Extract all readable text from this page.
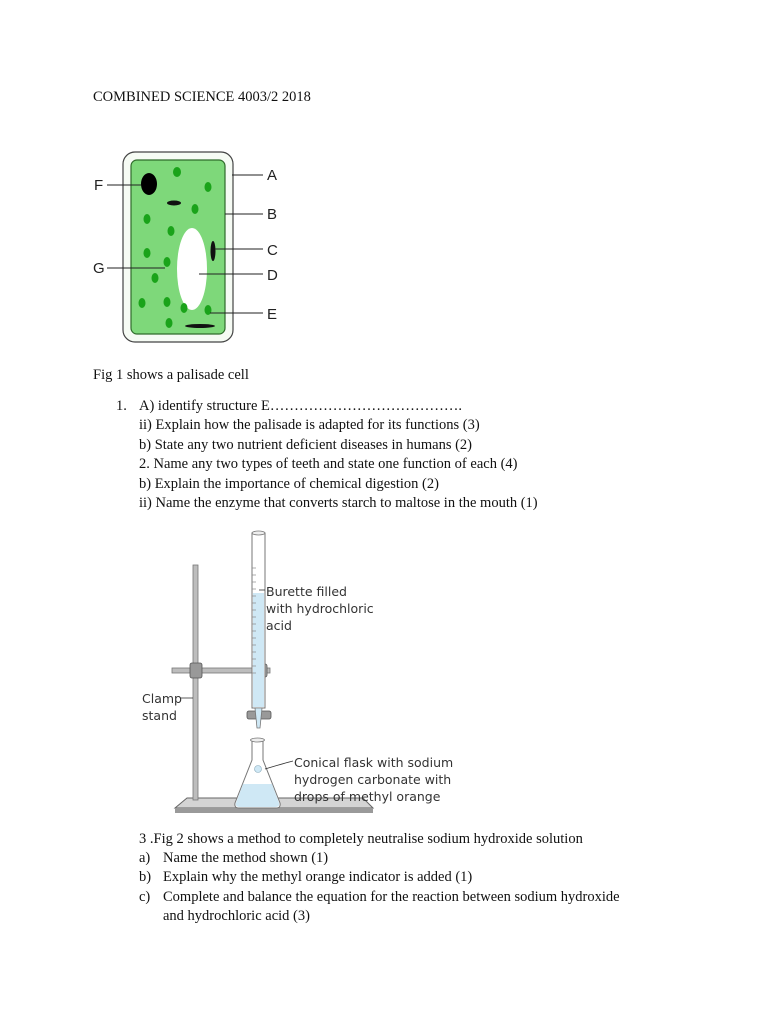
COMBINED SCIENCE 4003/2 2018
A
B
C
D
E
F
G
Fig 1 shows a palisade cell
1. A) identify structure E………………………………….
ii) Explain how the palisade is adapted for its functions (3)
b) State any two nutrient deficient diseases in humans (2)
2. Name any two types of teeth and state one function of each (4)
b) Explain the importance of chemical digestion (2)
ii) Name the enzyme that converts starch to maltose in the mouth (1)
Burette filled
with hydrochloric
acid
Clamp
stand
Conical flask with sodium
hydrogen carbonate with
drops of methyl orange
3 .Fig 2 shows a method to completely neutralise sodium hydroxide solution
a) Name the method shown (1)
b) Explain why the methyl orange indicator is added (1)
c) Complete and balance the equation for the reaction between sodium hydroxide
and hydrochloric acid (3)
